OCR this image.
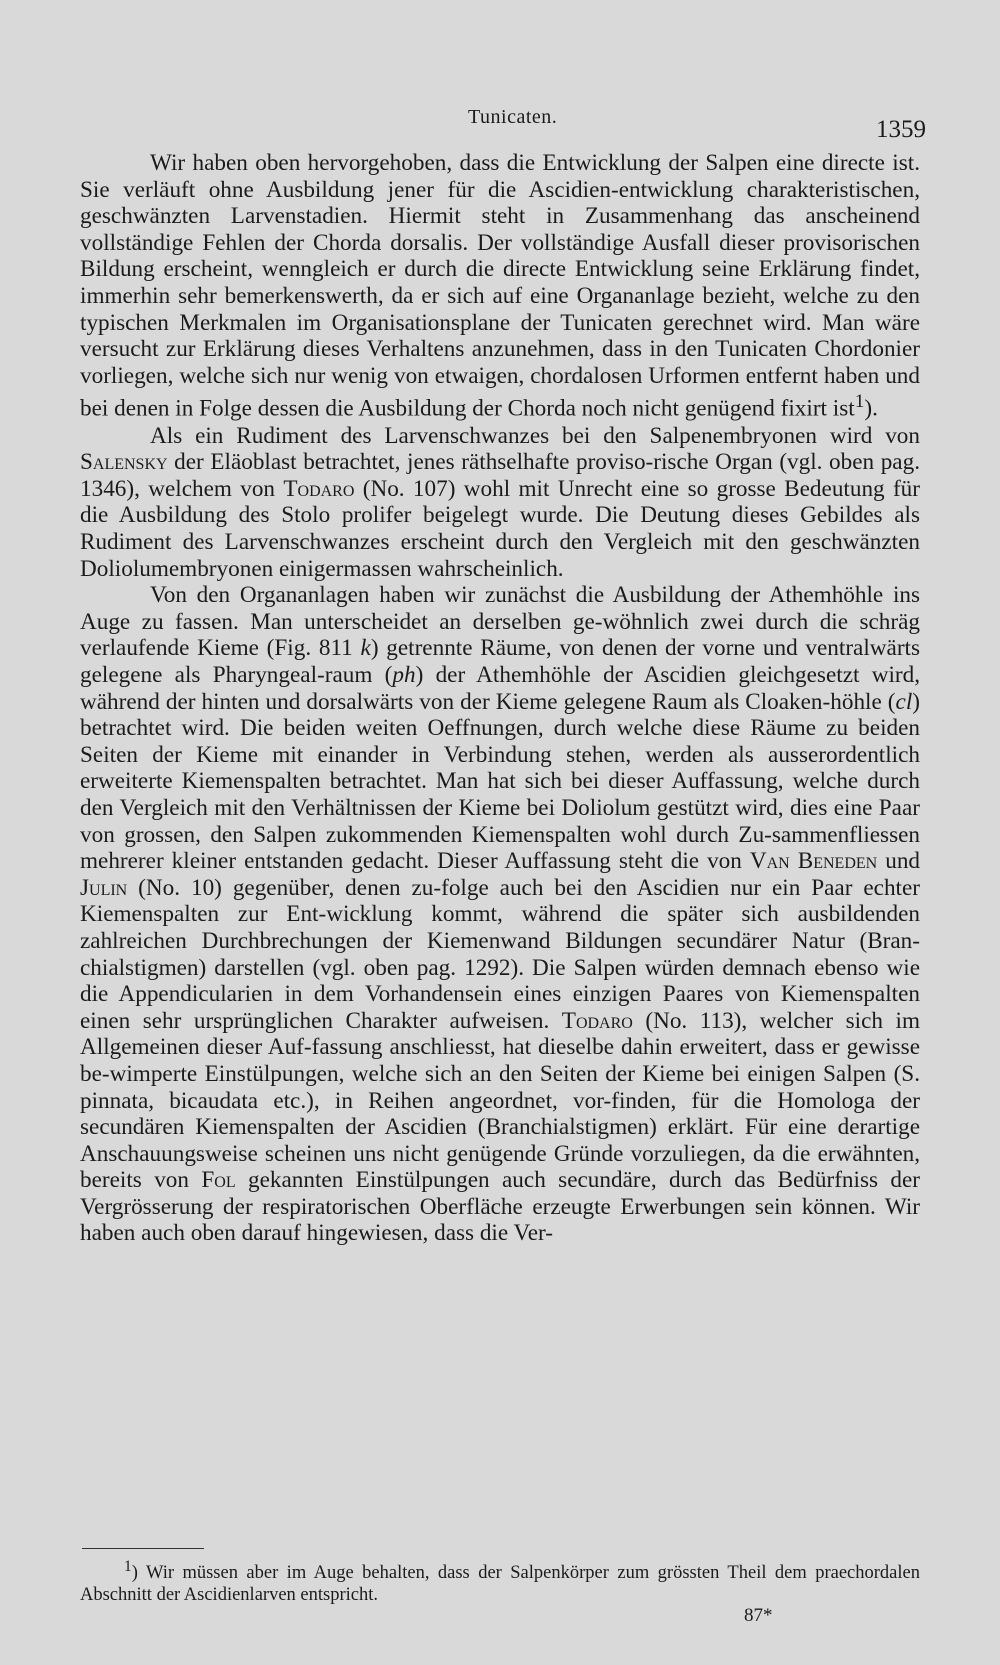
Tunicaten.	1359

Wir haben oben hervorgehoben, dass die Entwicklung der Salpen eine directe ist. Sie verläuft ohne Ausbildung jener für die Ascidien-entwicklung charakteristischen, geschwänzten Larvenstadien. Hiermit steht in Zusammenhang das anscheinend vollständige Fehlen der Chorda dorsalis. Der vollständige Ausfall dieser provisorischen Bildung erscheint, wenngleich er durch die directe Entwicklung seine Erklärung findet, immerhin sehr bemerkenswerth, da er sich auf eine Organanlage bezieht, welche zu den typischen Merkmalen im Organisationsplane der Tunicaten gerechnet wird. Man wäre versucht zur Erklärung dieses Verhaltens anzunehmen, dass in den Tunicaten Chordonier vorliegen, welche sich nur wenig von etwaigen, chordalosen Urformen entfernt haben und bei denen in Folge dessen die Ausbildung der Chorda noch nicht genügend fixirt ist$^1$).

Als ein Rudiment des Larvenschwanzes bei den Salpenembryonen wird von Salensky der Eläoblast betrachtet, jenes räthselhafte proviso-rische Organ (vgl. oben pag. 1346), welchem von Todaro (No. 107) wohl mit Unrecht eine so grosse Bedeutung für die Ausbildung des Stolo prolifer beigelegt wurde. Die Deutung dieses Gebildes als Rudiment des Larvenschwanzes erscheint durch den Vergleich mit den geschwänzten Doliolumembryonen einigermassen wahrscheinlich.

Von den Organanlagen haben wir zunächst die Ausbildung der Athemhöhle ins Auge zu fassen. Man unterscheidet an derselben ge-wöhnlich zwei durch die schräg verlaufende Kieme (Fig. 811 k) getrennte Räume, von denen der vorne und ventralwärts gelegene als Pharyngeal-raum (ph) der Athemhöhle der Ascidien gleichgesetzt wird, während der hinten und dorsalwärts von der Kieme gelegene Raum als Cloaken-höhle (cl) betrachtet wird. Die beiden weiten Oeffnungen, durch welche diese Räume zu beiden Seiten der Kieme mit einander in Verbindung stehen, werden als ausserordentlich erweiterte Kiemenspalten betrachtet. Man hat sich bei dieser Auffassung, welche durch den Vergleich mit den Verhältnissen der Kieme bei Doliolum gestützt wird, dies eine Paar von grossen, den Salpen zukommenden Kiemenspalten wohl durch Zu-sammenfliessen mehrerer kleiner entstanden gedacht. Dieser Auffassung steht die von Van Beneden und Julin (No. 10) gegenüber, denen zu-folge auch bei den Ascidien nur ein Paar echter Kiemenspalten zur Ent-wicklung kommt, während die später sich ausbildenden zahlreichen Durchbrechungen der Kiemenwand Bildungen secundärer Natur (Bran-chialstigmen) darstellen (vgl. oben pag. 1292). Die Salpen würden demnach ebenso wie die Appendicularien in dem Vorhandensein eines einzigen Paares von Kiemenspalten einen sehr ursprünglichen Charakter aufweisen. Todaro (No. 113), welcher sich im Allgemeinen dieser Auf-fassung anschliesst, hat dieselbe dahin erweitert, dass er gewisse be-wimperte Einstülpungen, welche sich an den Seiten der Kieme bei einigen Salpen (S. pinnata, bicaudata etc.), in Reihen angeordnet, vor-finden, für die Homologa der secundären Kiemenspalten der Ascidien (Branchialstigmen) erklärt. Für eine derartige Anschauungsweise scheinen uns nicht genügende Gründe vorzuliegen, da die erwähnten, bereits von Fol gekannten Einstülpungen auch secundäre, durch das Bedürfniss der Vergrösserung der respiratorischen Oberfläche erzeugte Erwerbungen sein können. Wir haben auch oben darauf hingewiesen, dass die Ver-

$^1$) Wir müssen aber im Auge behalten, dass der Salpenkörper zum grössten Theil dem praechordalen Abschnitt der Ascidienlarven entspricht.

87*
